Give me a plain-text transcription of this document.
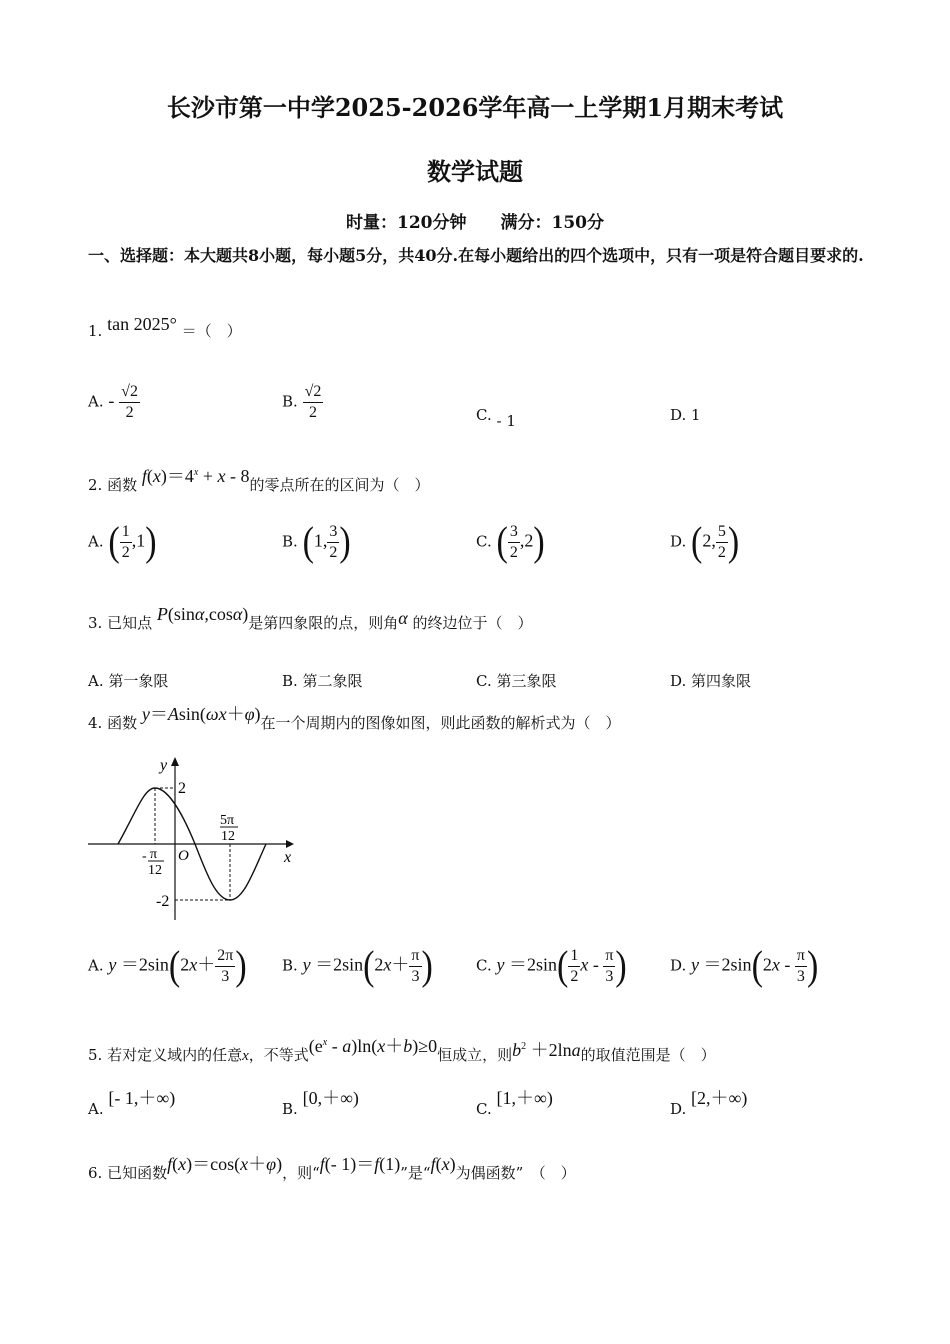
长沙市第一中学2025-2026学年高一上学期1月期末考试
数学试题
时量：120分钟　　满分：150分
一、选择题：本大题共8小题，每小题5分，共40分.在每小题给出的四个选项中，只有一项是符合题目要求的.
1. tan 2025° ＝（　）
A. - $\frac{√2}{2}$	B. $\frac{√2}{2}$	C. - 1	D. 1
2. 函数 $f(x)=4^x + x - 8$的零点所在的区间为（　）
A. ( $\frac{1}{2} ,1$)	B. (1, $\frac{3}{2}$ )	C. ( $\frac{3}{2} ,2$)	D. (2, $\frac{5}{2}$ )
3. 已知点 P(sinα,cosα)是第四象限的点，则角α 的终边位于（　）
A. 第一象限	B. 第二象限	C. 第三象限	D. 第四象限
4. 函数 y＝Asin(ωx＋φ)在一个周期内的图像如图，则此函数的解析式为（　）
y
x
O
2
-2
- π
12
5π
12
A. $y =2\sin(2x+ \frac{2\pi}{3}$ ) B. $y =2\sin(2x+ \frac{\pi}{3}$ )	C. $y =2\sin( \frac{1}{2}$ x - $\frac{\pi}{3}$ )	D. $y =2\sin(2x - \frac{\pi}{3}$ )
5. 若对定义域内的任意x，不等式$(e^x - a)\ln(x+b)\ge 0$恒成立，则$b^2 +2\ln a$的取值范围是（　）
A. [- 1,＋∞)
B. [0,＋∞)
C. [1,＋∞)
D. [2,＋∞)
6. 已知函数f(x)＝cos(x＋φ)，则“f(- 1)＝f(1)”是“f(x)为偶函数”　（　）
